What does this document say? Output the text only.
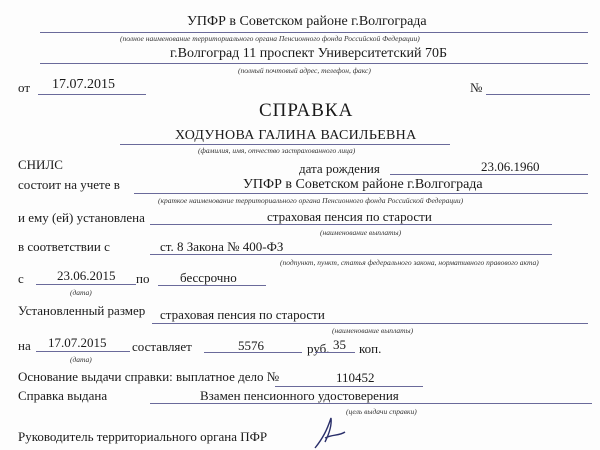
УПФР в Советском районе г.Волгограда
(полное наименование территориального органа Пенсионного фонда Российской Федерации)
г.Волгоград 11 проспект Университетский 70Б
(полный почтовый адрес, телефон, факс)
от 17.07.2015	№
СПРАВКА
ХОДУНОВА ГАЛИНА ВАСИЛЬЕВНА
(фамилия, имя, отчество застрахованного лица)
СНИЛС	дата рождения	23.06.1960
состоит на учете в	УПФР в Советском районе г.Волгограда
(краткое наименование территориального органа Пенсионного фонда Российской Федерации)
и ему (ей) установлена	страховая пенсия по старости
(наименование выплаты)
в соответствии с	ст. 8 Закона № 400-ФЗ
(подпункт, пункт, статья федерального закона, нормативного правового акта)
с	23.06.2015
(дата)
по бессрочно
Установленный размер страховая пенсия по старости
(наименование выплаты)
на 17.07.2015
(дата)
составляет	5576	руб. 35 коп.
Основание выдачи справки: выплатное дело №	110452
Справка выдана	Взамен пенсионного удостоверения
(цель выдачи справки)
Руководитель территориального органа ПФР
